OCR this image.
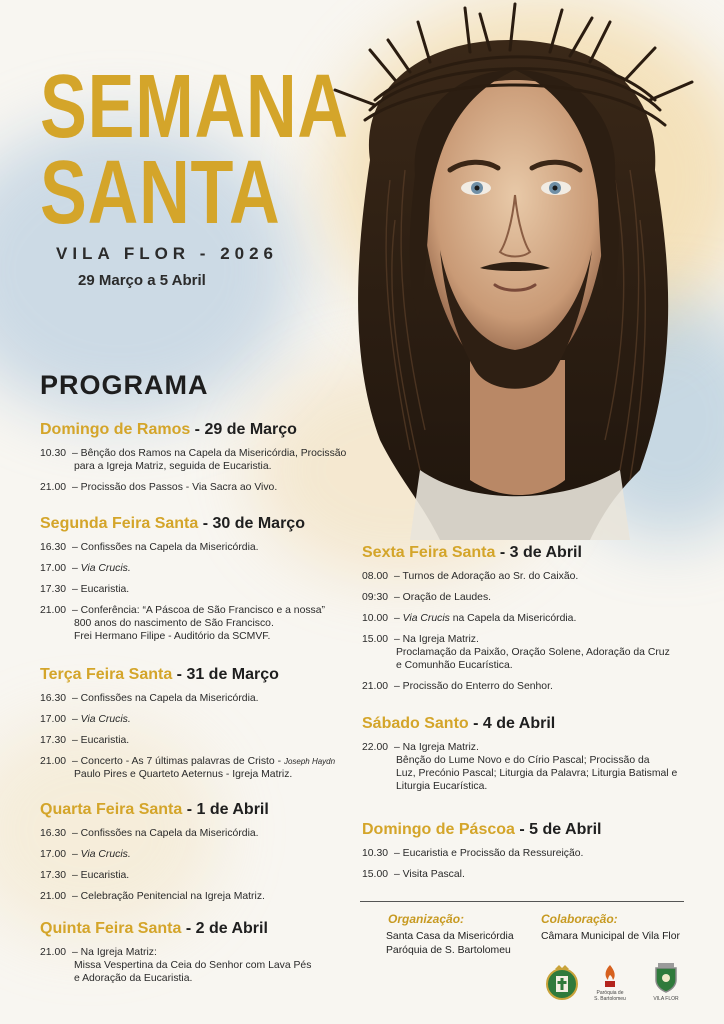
SEMANA
SANTA
VILA FLOR - 2026
29 Março a 5 Abril
PROGRAMA
Domingo de Ramos - 29 de Março
10.30 – Bênção dos Ramos na Capela da Misericórdia, Procissão
para a Igreja Matriz, seguida de Eucaristia.
21.00 – Procissão dos Passos - Via Sacra ao Vivo.
Segunda Feira Santa - 30 de Março
16.30 – Confissões na Capela da Misericórdia.
17.00 – Via Crucis.
17.30 – Eucaristia.
21.00 – Conferência: “A Páscoa de São Francisco e a nossa”
800 anos do nascimento de São Francisco.
Frei Hermano Filipe - Auditório da SCMVF.
Terça Feira Santa - 31 de Março
16.30 – Confissões na Capela da Misericórdia.
17.00 – Via Crucis.
17.30 – Eucaristia.
21.00 – Concerto - As 7 últimas palavras de Cristo - Joseph Haydn
Paulo Pires e Quarteto Aeternus - Igreja Matriz.
Quarta Feira Santa - 1 de Abril
16.30 – Confissões na Capela da Misericórdia.
17.00 – Via Crucis.
17.30 – Eucaristia.
21.00 – Celebração Penitencial na Igreja Matriz.
Quinta Feira Santa - 2 de Abril
21.00 – Na Igreja Matriz:
Missa Vespertina da Ceia do Senhor com Lava Pés
e Adoração da Eucaristia.
Sexta Feira Santa - 3 de Abril
08.00 – Turnos de Adoração ao Sr. do Caixão.
09:30 – Oração de Laudes.
10.00 – Via Crucis na Capela da Misericórdia.
15.00 – Na Igreja Matriz.
Proclamação da Paixão, Oração Solene, Adoração da Cruz
e Comunhão Eucarística.
21.00 – Procissão do Enterro do Senhor.
Sábado Santo - 4 de Abril
22.00 – Na Igreja Matriz.
Bênção do Lume Novo e do Círio Pascal; Procissão da
Luz, Precónio Pascal; Liturgia da Palavra; Liturgia Batismal e
Liturgia Eucarística.
Domingo de Páscoa - 5 de Abril
10.30 – Eucaristia e Procissão da Ressureição.
15.00 – Visita Pascal.
Organização:
Santa Casa da Misericórdia
Paróquia de S. Bartolomeu
Colaboração:
Câmara Municipal de Vila Flor
Paróquia de
S. Bartolomeu	VILA FLOR
